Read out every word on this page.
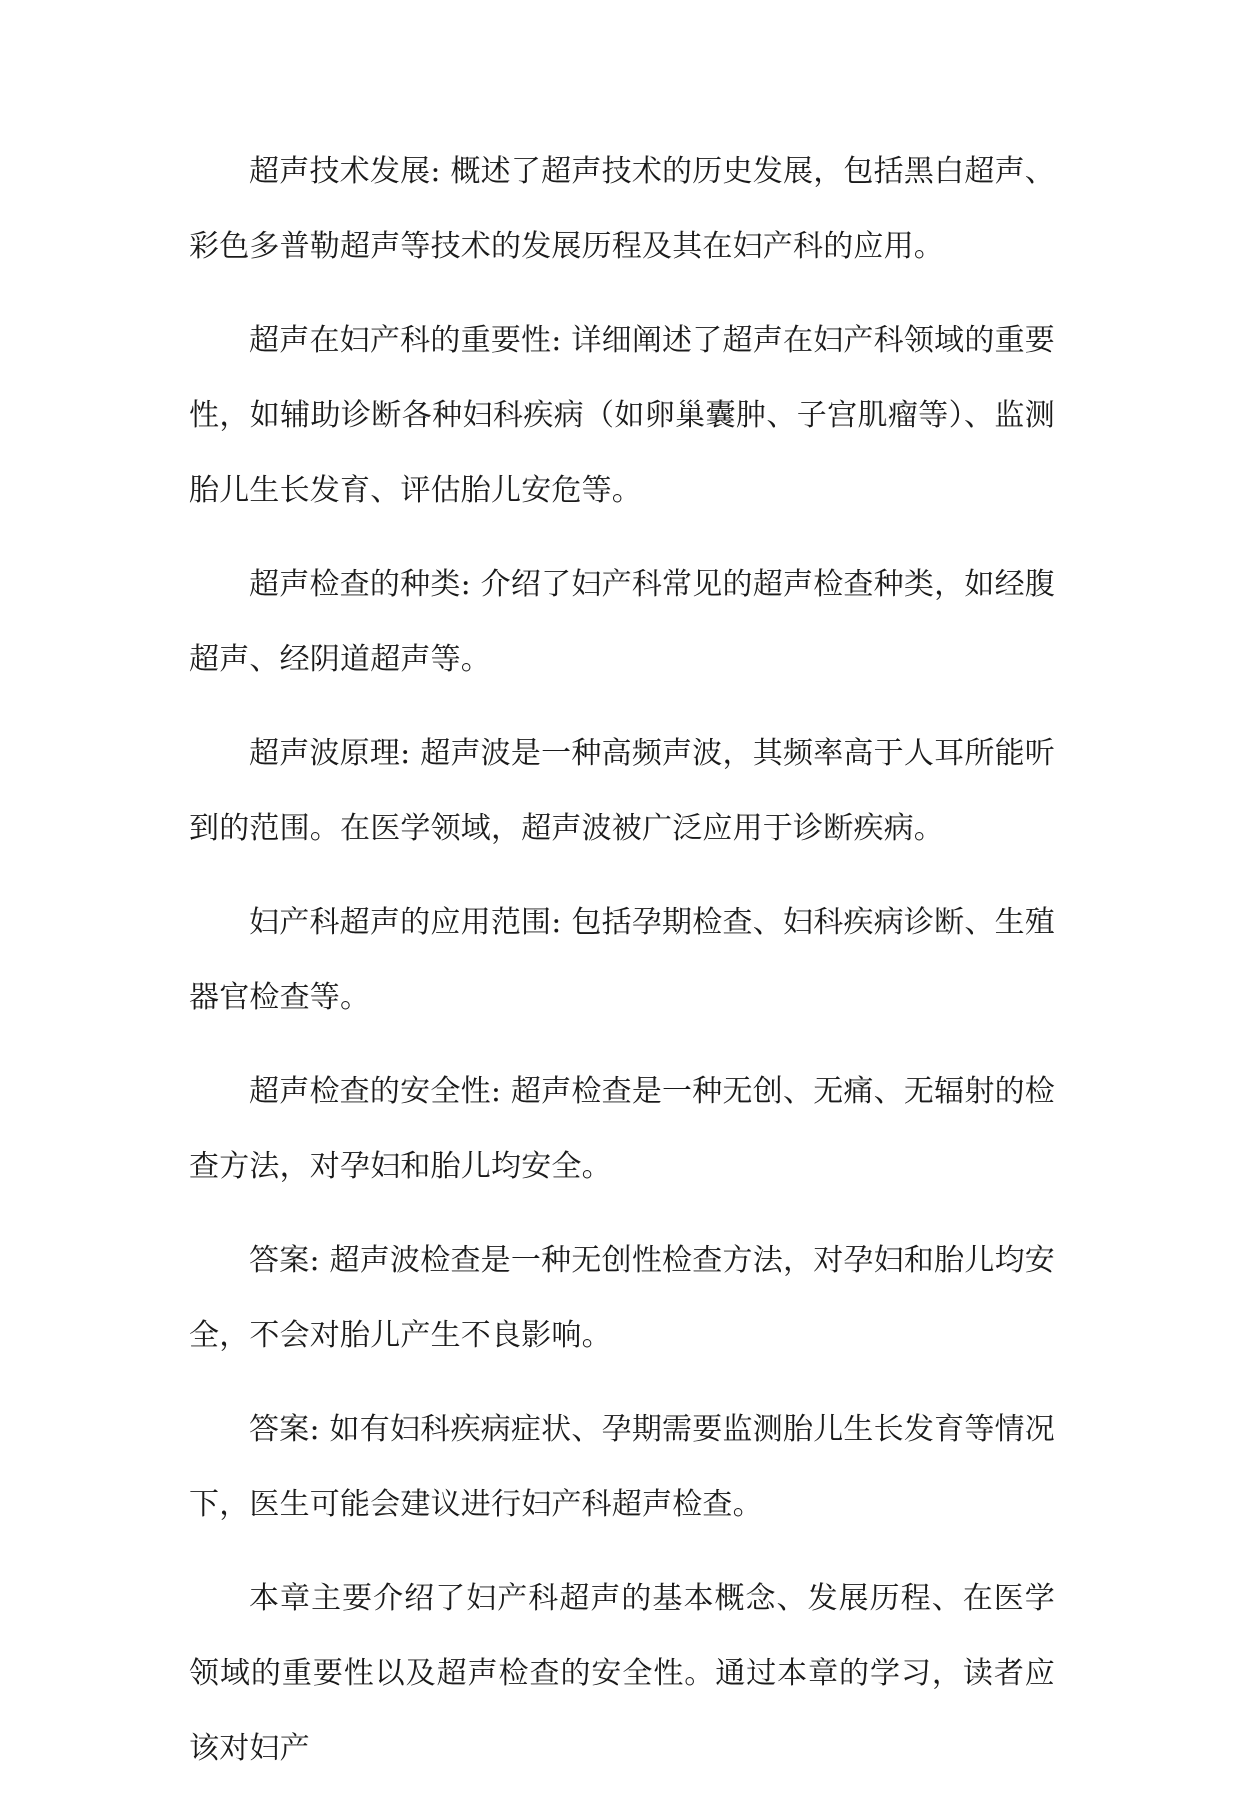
超声技术发展: 概述了超声技术的历史发展，包括黑白超声、彩色多普勒超声等技术的发展历程及其在妇产科的应用。

超声在妇产科的重要性: 详细阐述了超声在妇产科领域的重要性，如辅助诊断各种妇科疾病（如卵巢囊肿、子宫肌瘤等）、监测胎儿生长发育、评估胎儿安危等。

超声检查的种类: 介绍了妇产科常见的超声检查种类，如经腹超声、经阴道超声等。

超声波原理: 超声波是一种高频声波，其频率高于人耳所能听到的范围。在医学领域，超声波被广泛应用于诊断疾病。

妇产科超声的应用范围: 包括孕期检查、妇科疾病诊断、生殖器官检查等。

超声检查的安全性: 超声检查是一种无创、无痛、无辐射的检查方法，对孕妇和胎儿均安全。

答案: 超声波检查是一种无创性检查方法，对孕妇和胎儿均安全，不会对胎儿产生不良影响。

答案: 如有妇科疾病症状、孕期需要监测胎儿生长发育等情况下，医生可能会建议进行妇产科超声检查。

本章主要介绍了妇产科超声的基本概念、发展历程、在医学领域的重要性以及超声检查的安全性。通过本章的学习，读者应该对妇产
